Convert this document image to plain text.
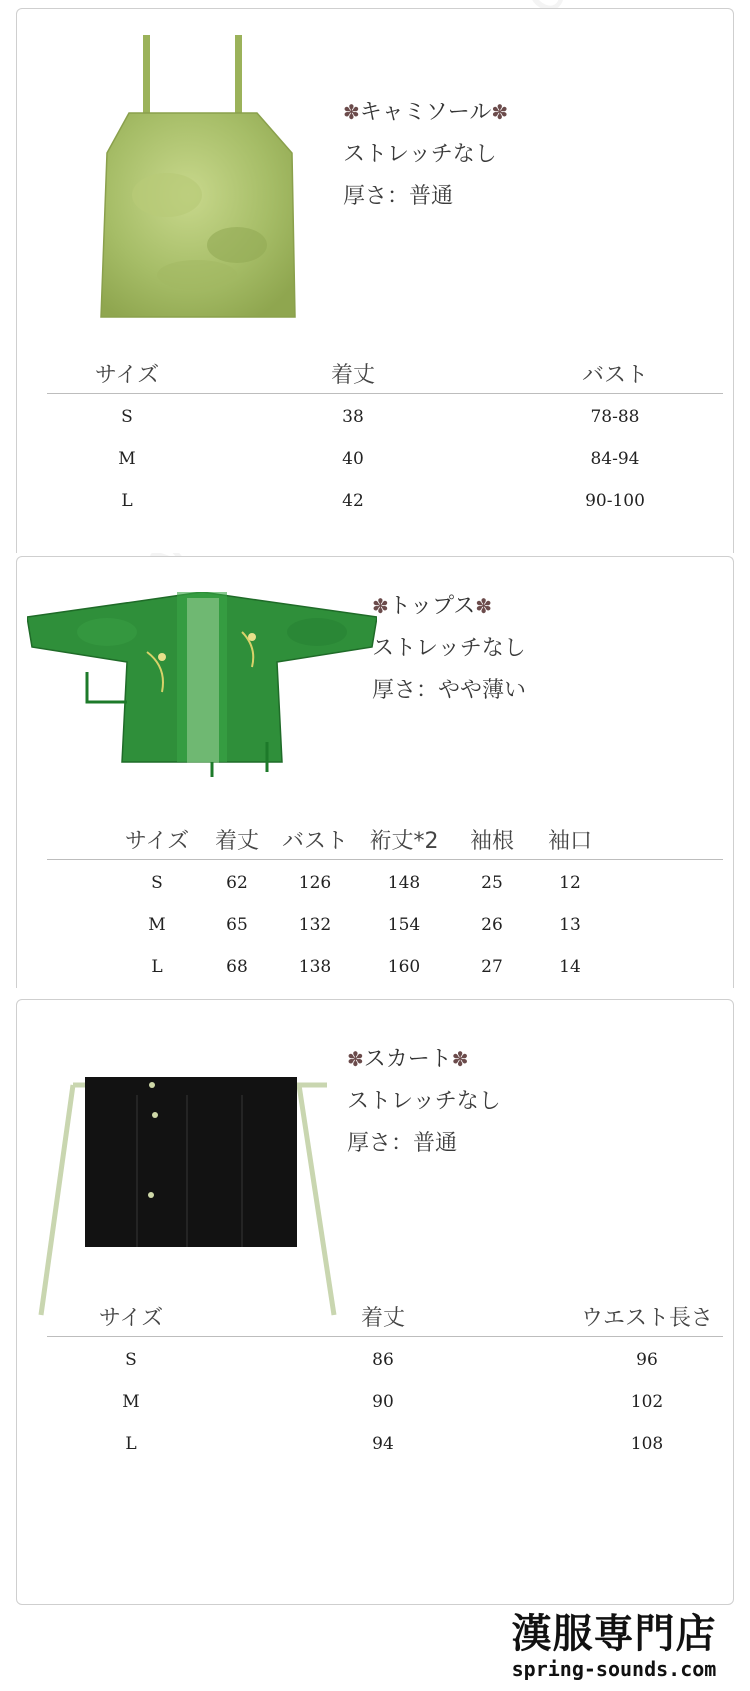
✽キャミソール✽
ストレッチなし
厚さ：普通
サイズ	着丈	バスト
S	38	78-88
M	40	84-94
L	42	90-100
✽トップス✽
ストレッチなし
厚さ：やや薄い
サイズ 着丈 バスト 裄丈*2 袖根 袖口
S	62	126	148	25	12
M	65	132	154	26	13
L	68	138	160	27	14
✽スカート✽
ストレッチなし
厚さ：普通
サイズ	着丈	ウエスト長さ
S	86	96
M	90	102
L	94	108
漢服専門店
spring-sounds.com
